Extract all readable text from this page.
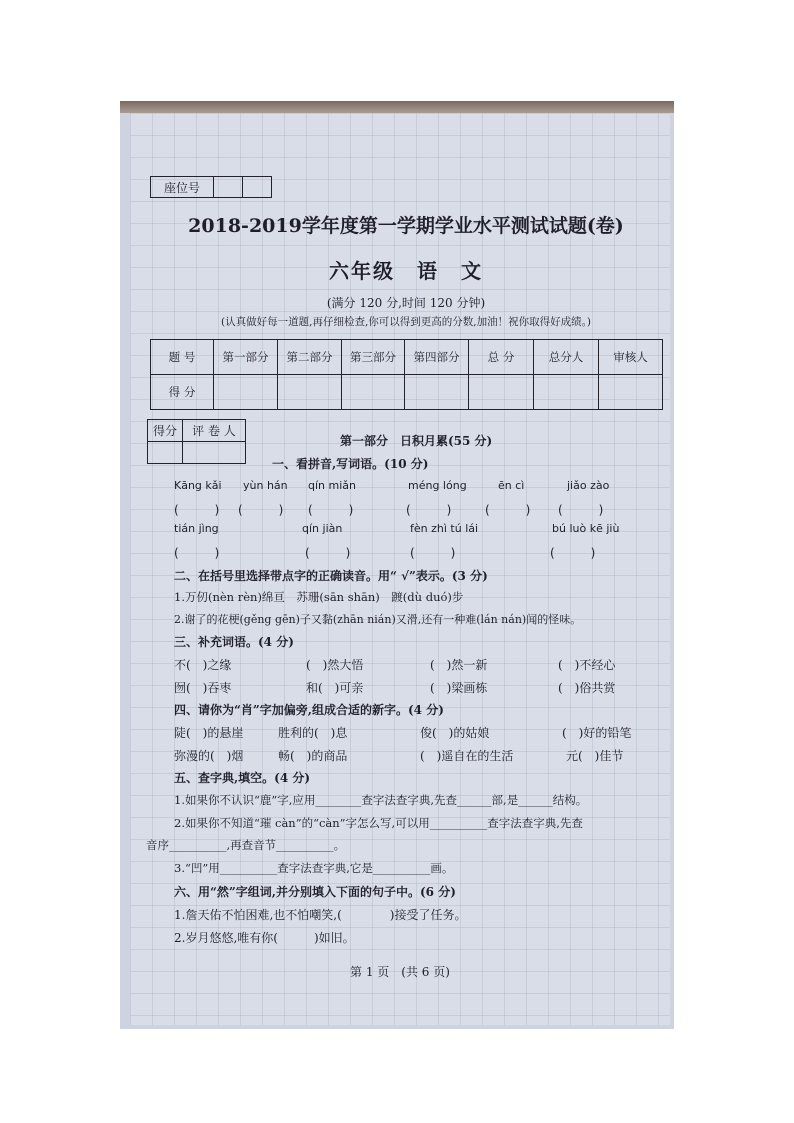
座位号		
2018-2019学年度第一学期学业水平测试试题(卷)
六年级　语　文
(满分 120 分,时间 120 分钟)
(认真做好每一道题,再仔细检查,你可以得到更高的分数,加油！祝你取得好成绩。)
题 号	第一部分	第二部分	第三部分	第四部分	总 分	总分人	审核人
得 分							
得分	评 卷 人

第一部分　日积月累(55 分)
一、看拼音,写词语。(10 分)
Kāng kǎi yùn hán qín miǎn	méng lóng	ēn cì	jiǎo zào
(　　　) (　　　) (　　　)	(　　　)	(　　　) (　　　)
tián jìng	qín jiàn	fèn zhì tú lái	bú luò kē jiù
(　　　)	(　　　)	(　　　)	(　　　)
二、在括号里选择带点字的正确读音。用“ √”表示。(3 分)
1.万仞(nèn rèn)绵亘　苏珊(sān shān)　踱(dù duó)步
2.谢了的花梗(gěng gēn)子又黏(zhān nián)又滑,还有一种难(lán nán)闻的怪味。
三、补充词语。(4 分)
不(　)之缘	(　)然大悟	(　)然一新	(　)不经心
囫(　)吞枣	和(　)可亲	(　)梁画栋	(　)俗共赏
四、请你为“肖”字加偏旁,组成合适的新字。(4 分)
陡(　)的悬崖	胜利的(　)息	俊(　)的姑娘	(　)好的铅笔
弥漫的(　)烟	畅(　)的商品	(　)遥自在的生活	元(　)佳节
五、查字典,填空。(4 分)
1.如果你不认识“鹿”字,应用________查字法查字典,先查______部,是______结构。
2.如果你不知道“璀 càn”的“càn”字怎么写,可以用__________查字法查字典,先查
音序__________,再查音节__________。
3.“凹”用__________查字法查字典,它是__________画。
六、用“然”字组词,并分别填入下面的句子中。(6 分)
1.詹天佑不怕困难,也不怕嘲笑,(　　　　)接受了任务。
2.岁月悠悠,唯有你(　　　)如旧。
第 1 页　(共 6 页)
